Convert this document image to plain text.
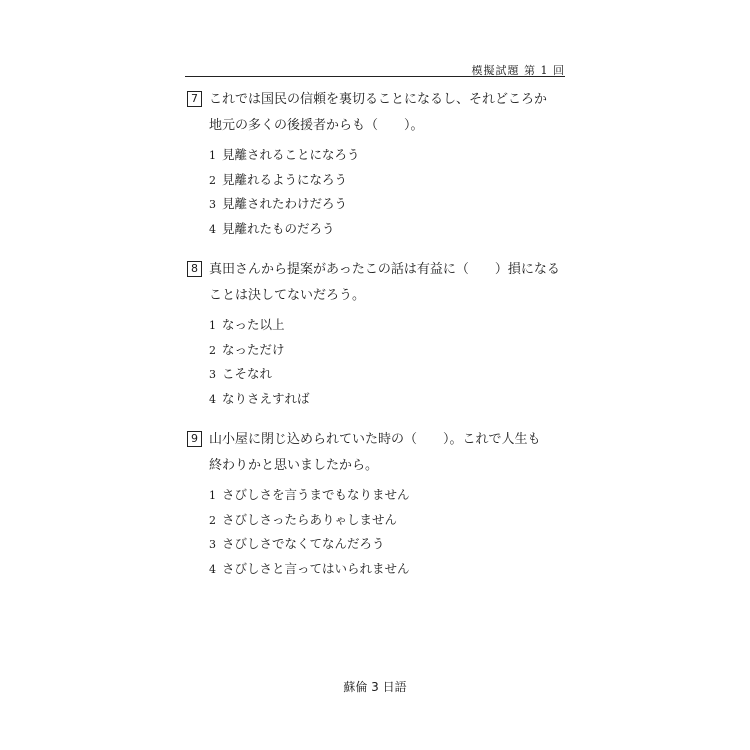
模擬試題 第 1 回
7 これでは国民の信頼を裏切ることになるし、それどころか
地元の多くの後援者からも（　　）。
1 見離されることになろう
2 見離れるようになろう
3 見離されたわけだろう
4 見離れたものだろう
8 真田さんから提案があったこの話は有益に（　　）損になる
ことは決してないだろう。
1 なった以上
2 なっただけ
3 こそなれ
4 なりさえすれば
9 山小屋に閉じ込められていた時の（　　）。これで人生も
終わりかと思いましたから。
1 さびしさを言うまでもなりません
2 さびしさったらありゃしません
3 さびしさでなくてなんだろう
4 さびしさと言ってはいられません
蘇倫 3 日語
